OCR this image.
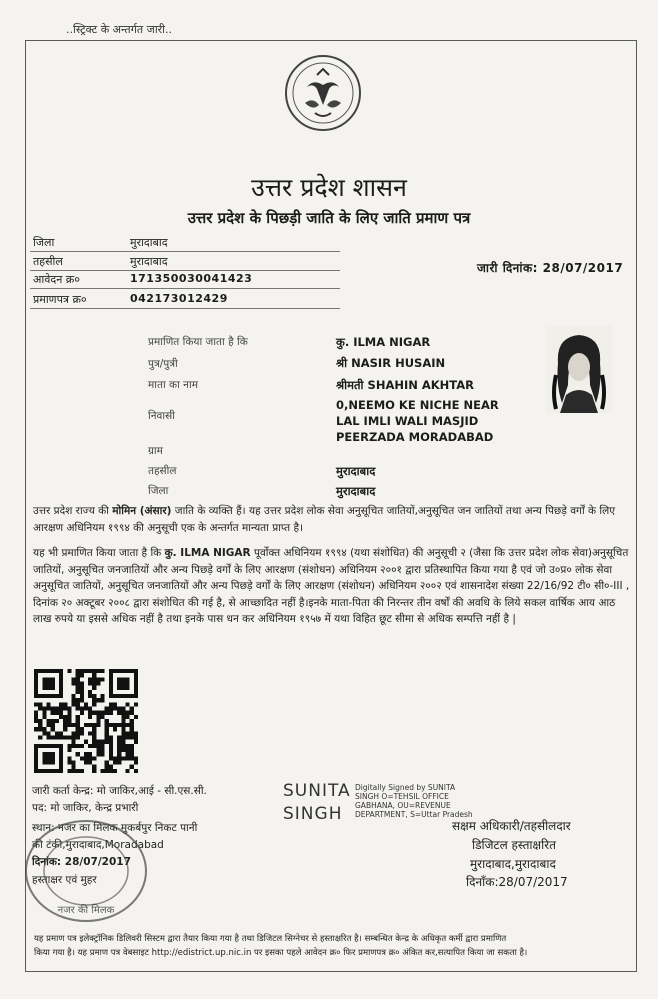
..स्ट्रिक्ट के अन्तर्गत जारी..
उत्तर प्रदेश शासन
उत्तर प्रदेश के पिछड़ी जाति के लिए जाति प्रमाण पत्र
जिला	मुरादाबाद
तहसील	मुरादाबाद
आवेदन क्र०	171350030041423
प्रमाणपत्र क्र०	042173012429
जारी दिनांक: 28/07/2017
प्रमाणित किया जाता है कि	कु. ILMA NIGAR
पुत्र/पुत्री	श्री NASIR HUSAIN
माता का नाम	श्रीमती SHAHIN AKHTAR
निवासी
0,NEEMO KE NICHE NEAR
LAL IMLI WALI MASJID
PEERZADA MORADABAD
ग्राम
तहसील	मुरादाबाद
जिला	मुरादाबाद

उत्तर प्रदेश राज्य की मोमिन (अंसार) जाति के व्यक्ति हैं। यह उत्तर प्रदेश लोक सेवा अनुसूचित जातियों,अनुसूचित जन जातियों तथा अन्य पिछड़े वर्गों के लिए आरक्षण अधिनियम १९९४ की अनुसूची एक के अन्तर्गत मान्यता प्राप्त है।

यह भी प्रमाणित किया जाता है कि कु. ILMA NIGAR पूर्वोक्त अधिनियम १९९४ (यथा संशोधित) की अनुसूची २ (जैसा कि उत्तर प्रदेश लोक सेवा)अनुसूचित जातियों, अनुसूचित जनजातियों और अन्य पिछड़े वर्गों के लिए आरक्षण (संशोधन) अधिनियम २००१ द्वारा प्रतिस्थापित किया गया है एवं जो उ०प्र० लोक सेवा अनुसूचित जातियों, अनुसूचित जनजातियों और अन्य पिछड़े वर्गों के लिए आरक्षण (संशोधन) अधिनियम २००२ एवं शासनादेश संख्या 22/16/92 टी० सी०-III , दिनांक २० अक्टूबर २००८ द्वारा संशोधित की गई है, से आच्छादित नहीं है।इनके माता-पिता की निरन्तर तीन वर्षों की अवधि के लिये सकल वार्षिक आय आठ लाख रुपये या इससे अधिक नहीं है तथा इनके पास धन कर अधिनियम १९५७ में यथा विहित छूट सीमा से अधिक सम्पत्ति नहीं है |

जारी कर्ता केन्द्र: मो जाकिर,आई - सी.एस.सी.
पद: मो जाकिर, केन्द्र प्रभारी
स्थान: नजर का मिलक मुकर्बपुर निकट पानी
की टंकी,मुरादाबाद,Moradabad
दिनांक: 28/07/2017
हस्ताक्षर एवं मुहर
नजर की मिलक
SUNITA
SINGH
Digitally Signed by SUNITA SINGH O=TEHSIL OFFICE GABHANA, OU=REVENUE DEPARTMENT, S=Uttar Pradesh
सक्षम अधिकारी/तहसीलदार
डिजिटल हस्ताक्षरित
मुरादाबाद,मुरादाबाद
दिनाँक:28/07/2017
यह प्रमाण पत्र इलेक्ट्रॉनिक डिलिवरी सिस्टम द्वारा तैयार किया गया है तथा डिजिटल सिग्नेचर से हस्ताक्षरित है। सम्बन्धित केन्द्र के अधिकृत कर्मी द्वारा प्रमाणित
किया गया है। यह प्रमाण पत्र वेबसाइट http://edistrict.up.nic.in पर इसका पहले आवेदन क्र० फिर प्रमाणपत्र क्र० अंकित कर,सत्यापित किया जा सकता है।
